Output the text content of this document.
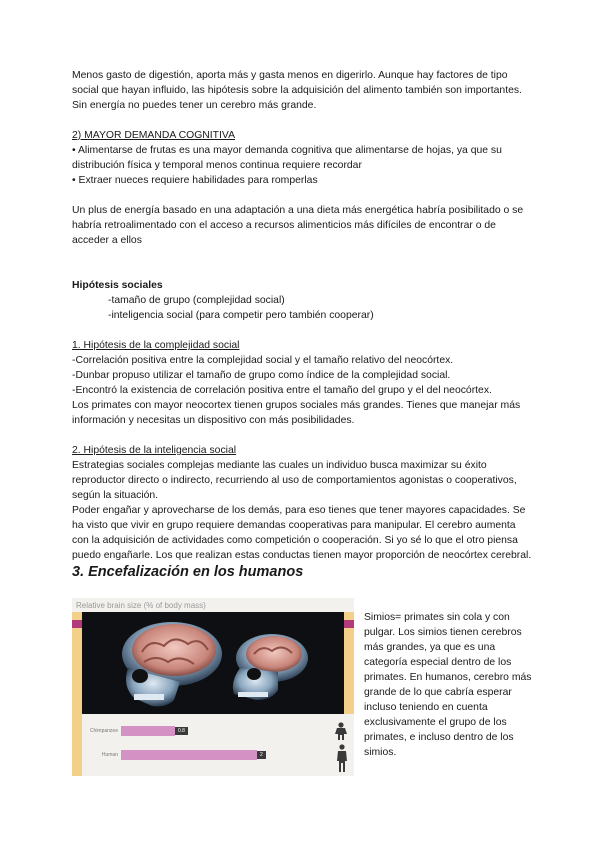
Menos gasto de digestión, aporta más y gasta menos en digerirlo. Aunque hay factores de tipo social que hayan influido, las hipótesis sobre la adquisición del alimento también son importantes. Sin energía no puedes tener un cerebro más grande.

2) MAYOR DEMANDA COGNITIVA

• Alimentarse de frutas es una mayor demanda cognitiva que alimentarse de hojas, ya que su distribución física y temporal menos continua requiere recordar

• Extraer nueces requiere habilidades para romperlas

Un plus de energía basado en una adaptación a una dieta más energética habría posibilitado o se habría retroalimentado con el acceso a recursos alimenticios más difíciles de encontrar o de acceder a ellos

Hipótesis sociales

-tamaño de grupo (complejidad social)

-inteligencia social (para competir pero también cooperar)

1. Hipótesis de la complejidad social

-Correlación positiva entre la complejidad social y el tamaño relativo del neocórtex.

-Dunbar propuso utilizar el tamaño de grupo como índice de la complejidad social.

-Encontró la existencia de correlación positiva entre el tamaño del grupo y el del neocórtex.

Los primates con mayor neocortex tienen grupos sociales más grandes. Tienes que manejar más información y necesitas un dispositivo con más posibilidades.

2. Hipótesis de la inteligencia social

Estrategias sociales complejas mediante las cuales un individuo busca maximizar su éxito reproductor directo o indirecto, recurriendo al uso de comportamientos agonistas o cooperativos, según la situación.

Poder engañar y aprovecharse de los demás, para eso tienes que tener mayores capacidades. Se ha visto que vivir en grupo requiere demandas cooperativas para manipular. El cerebro aumenta con la adquisición de actividades como competición o cooperación. Si yo sé lo que el otro piensa puedo engañarle. Los que realizan estas conductas tienen mayor proporción de neocórtex cerebral.

3. Encefalización en los humanos

Relative brain size (% of body mass)
Chimpanzee	0.8
Human	2

Simios= primates sin cola y con pulgar. Los simios tienen cerebros más grandes, ya que es una categoría especial dentro de los primates. En humanos, cerebro más grande de lo que cabría esperar incluso teniendo en cuenta exclusivamente el grupo de los primates, e incluso dentro de los simios.
